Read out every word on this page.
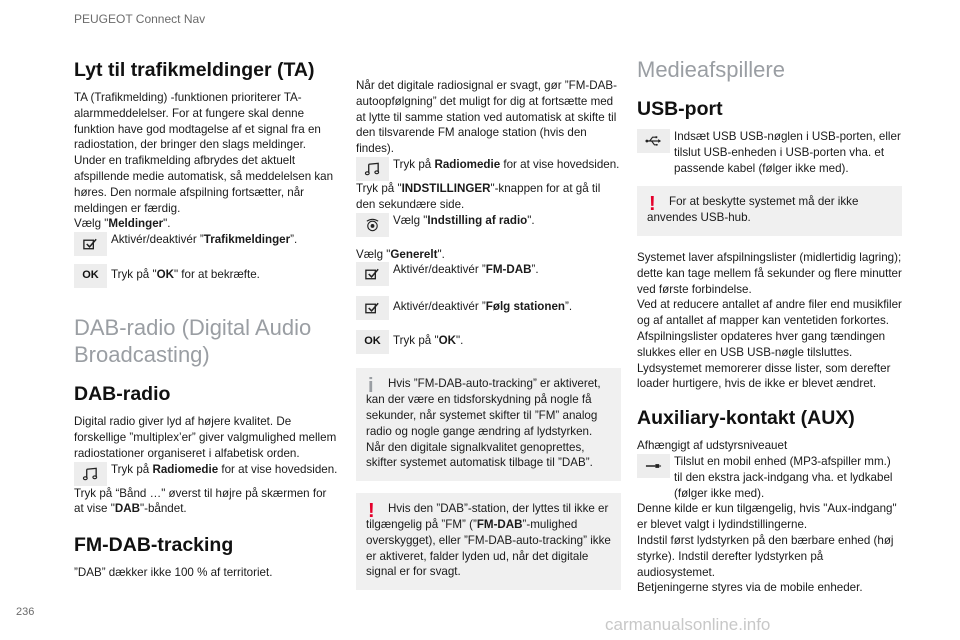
PEUGEOT Connect Nav
236
carmanualsonline.info
Lyt til trafikmeldinger (TA)

TA (Trafikmelding) -funktionen prioriterer TA-alarmmeddelelser. For at fungere skal denne funktion have god modtagelse af et signal fra en radiostation, der bringer den slags meldinger. Under en trafikmelding afbrydes det aktuelt afspillende medie automatisk, så meddelelsen kan høres. Den normale afspilning fortsætter, når meldingen er færdig.

Vælg "Meldinger".

Aktivér/deaktivér ”Trafikmeldinger”.

OK Tryk på "OK" for at bekræfte.

DAB-radio (Digital Audio Broadcasting)
DAB-radio

Digital radio giver lyd af højere kvalitet. De forskellige ”multiplex’er” giver valgmulighed mellem radiostationer organiseret i alfabetisk orden.

Tryk på Radiomedie for at vise hovedsiden.

Tryk på “Bånd …" øverst til højre på skærmen for at vise "DAB"-båndet.

FM-DAB-tracking

”DAB” dækker ikke 100 % af territoriet.

Når det digitale radiosignal er svagt, gør ”FM-DAB-autoopfølgning” det muligt for dig at fortsætte med at lytte til samme station ved automatisk at skifte til den tilsvarende FM analoge station (hvis den findes).

Tryk på Radiomedie for at vise hovedsiden.

Tryk på "INDSTILLINGER"-knappen for at gå til den sekundære side.

Vælg "Indstilling af radio".

Vælg "Generelt".

Aktivér/deaktivér ”FM-DAB”.

Aktivér/deaktivér ”Følg stationen”.

OK Tryk på "OK".

i	Hvis ”FM-DAB-auto-tracking” er aktiveret, kan der være en tidsforskydning på nogle få sekunder, når systemet skifter til ”FM” analog radio og nogle gange ændring af lydstyrken.

Når den digitale signalkvalitet genoprettes, skifter systemet automatisk tilbage til ”DAB”.

!	Hvis den ”DAB”-station, der lyttes til ikke er tilgængelig på ”FM” (”FM-DAB”-mulighed overskygget), eller ”FM-DAB-auto-tracking” ikke er aktiveret, falder lyden ud, når det digitale signal er for svagt.

Medieafspillere
USB-port

Indsæt USB USB-nøglen i USB-porten, eller tilslut USB-enheden i USB-porten vha. et passende kabel (følger ikke med).

!	For at beskytte systemet må der ikke anvendes USB-hub.

Systemet laver afspilningslister (midlertidig lagring); dette kan tage mellem få sekunder og flere minutter ved første forbindelse.

Ved at reducere antallet af andre filer end musikfiler og af antallet af mapper kan ventetiden forkortes.

Afspilningslister opdateres hver gang tændingen slukkes eller en USB USB-nøgle tilsluttes. Lydsystemet memorerer disse lister, som derefter loader hurtigere, hvis de ikke er blevet ændret.

Auxiliary-kontakt (AUX)

Afhængigt af udstyrsniveauet

Tilslut en mobil enhed (MP3-afspiller mm.) til den ekstra jack-indgang vha. et lydkabel (følger ikke med).

Denne kilde er kun tilgængelig, hvis "Aux-indgang" er blevet valgt i lydindstillingerne.

Indstil først lydstyrken på den bærbare enhed (høj styrke). Indstil derefter lydstyrken på audiosystemet.

Betjeningerne styres via de mobile enheder.
